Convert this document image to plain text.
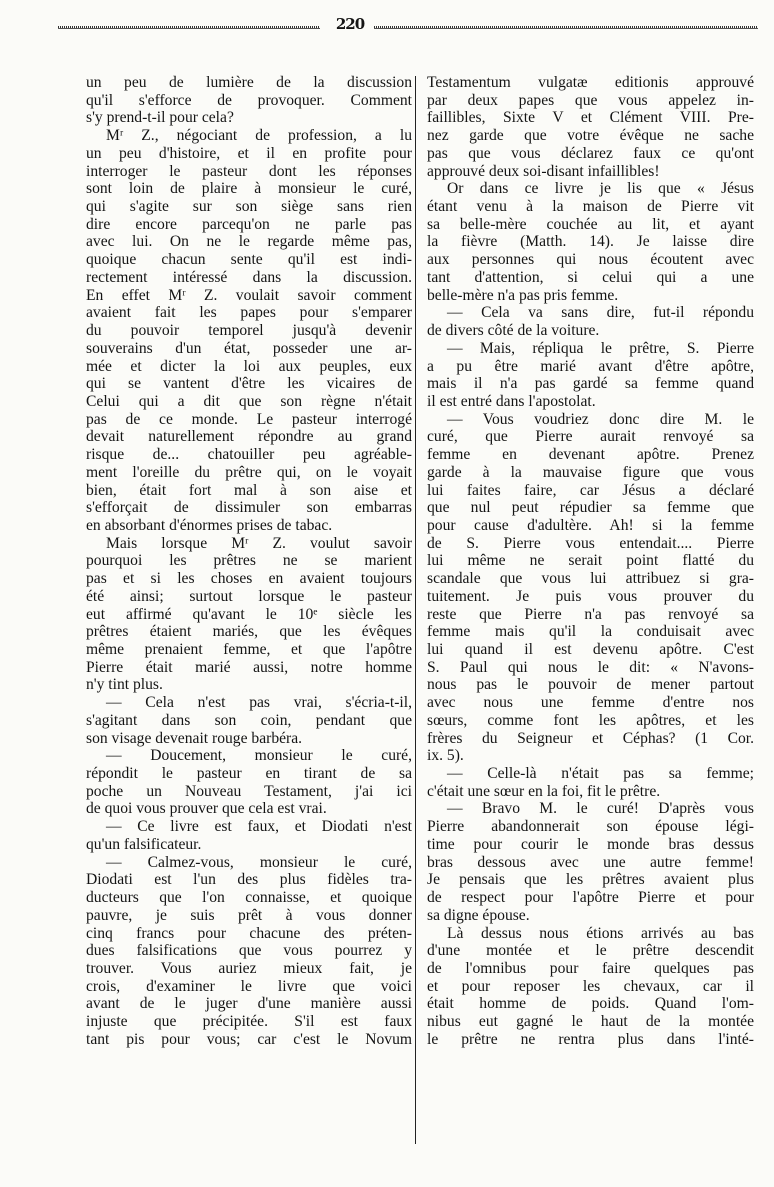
220
un peu de lumière de la discussion
qu'il s'efforce de provoquer. Comment
s'y prend-t-il pour cela?
Mʳ Z., négociant de profession, a lu
un peu d'histoire, et il en profite pour
interroger le pasteur dont les réponses
sont loin de plaire à monsieur le curé,
qui s'agite sur son siège sans rien
dire encore parcequ'on ne parle pas
avec lui. On ne le regarde même pas,
quoique chacun sente qu'il est indi-
rectement intéressé dans la discussion.
En effet Mʳ Z. voulait savoir comment
avaient fait les papes pour s'emparer
du pouvoir temporel jusqu'à devenir
souverains d'un état, posseder une ar-
mée et dicter la loi aux peuples, eux
qui se vantent d'être les vicaires de
Celui qui a dit que son règne n'était
pas de ce monde. Le pasteur interrogé
devait naturellement répondre au grand
risque de... chatouiller peu agréable-
ment l'oreille du prêtre qui, on le voyait
bien, était fort mal à son aise et
s'efforçait de dissimuler son embarras
en absorbant d'énormes prises de tabac.
Mais lorsque Mʳ Z. voulut savoir
pourquoi les prêtres ne se marient
pas et si les choses en avaient toujours
été ainsi; surtout lorsque le pasteur
eut affirmé qu'avant le 10ᵉ siècle les
prêtres étaient mariés, que les évêques
même prenaient femme, et que l'apôtre
Pierre était marié aussi, notre homme
n'y tint plus.
— Cela n'est pas vrai, s'écria-t-il,
s'agitant dans son coin, pendant que
son visage devenait rouge barbéra.
— Doucement, monsieur le curé,
répondit le pasteur en tirant de sa
poche un Nouveau Testament, j'ai ici
de quoi vous prouver que cela est vrai.
— Ce livre est faux, et Diodati n'est
qu'un falsificateur.
— Calmez-vous, monsieur le curé,
Diodati est l'un des plus fidèles tra-
ducteurs que l'on connaisse, et quoique
pauvre, je suis prêt à vous donner
cinq francs pour chacune des préten-
dues falsifications que vous pourrez y
trouver. Vous auriez mieux fait, je
crois, d'examiner le livre que voici
avant de le juger d'une manière aussi
injuste que précipitée. S'il est faux
tant pis pour vous; car c'est le Novum
Testamentum vulgatæ editionis approuvé
par deux papes que vous appelez in-
faillibles, Sixte V et Clément VIII. Pre-
nez garde que votre évêque ne sache
pas que vous déclarez faux ce qu'ont
approuvé deux soi-disant infaillibles!
Or dans ce livre je lis que « Jésus
étant venu à la maison de Pierre vit
sa belle-mère couchée au lit, et ayant
la fièvre (Matth. 14). Je laisse dire
aux personnes qui nous écoutent avec
tant d'attention, si celui qui a une
belle-mère n'a pas pris femme.
— Cela va sans dire, fut-il répondu
de divers côté de la voiture.
— Mais, répliqua le prêtre, S. Pierre
a pu être marié avant d'être apôtre,
mais il n'a pas gardé sa femme quand
il est entré dans l'apostolat.
— Vous voudriez donc dire M. le
curé, que Pierre aurait renvoyé sa
femme en devenant apôtre. Prenez
garde à la mauvaise figure que vous
lui faites faire, car Jésus a déclaré
que nul peut répudier sa femme que
pour cause d'adultère. Ah! si la femme
de S. Pierre vous entendait.... Pierre
lui même ne serait point flatté du
scandale que vous lui attribuez si gra-
tuitement. Je puis vous prouver du
reste que Pierre n'a pas renvoyé sa
femme mais qu'il la conduisait avec
lui quand il est devenu apôtre. C'est
S. Paul qui nous le dit: « N'avons-
nous pas le pouvoir de mener partout
avec nous une femme d'entre nos
sœurs, comme font les apôtres, et les
frères du Seigneur et Céphas? (1 Cor.
ix. 5).
— Celle-là n'était pas sa femme;
c'était une sœur en la foi, fit le prêtre.
— Bravo M. le curé! D'après vous
Pierre abandonnerait son épouse légi-
time pour courir le monde bras dessus
bras dessous avec une autre femme!
Je pensais que les prêtres avaient plus
de respect pour l'apôtre Pierre et pour
sa digne épouse.
Là dessus nous étions arrivés au bas
d'une montée et le prêtre descendit
de l'omnibus pour faire quelques pas
et pour reposer les chevaux, car il
était homme de poids. Quand l'om-
nibus eut gagné le haut de la montée
le prêtre ne rentra plus dans l'inté-
